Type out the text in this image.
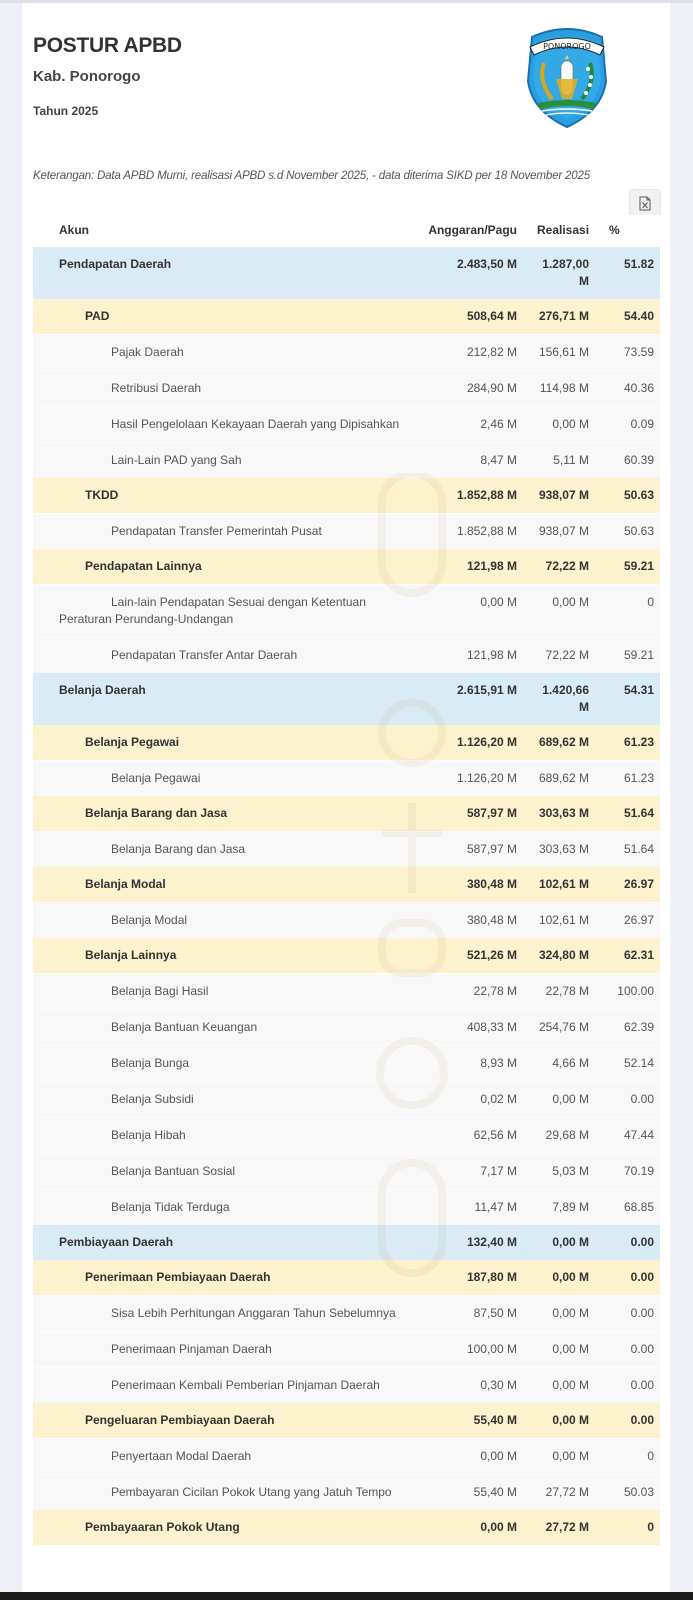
POSTUR APBD
Kab. Ponorogo
Tahun 2025
PONOROGO
Keterangan: Data APBD Murni, realisasi APBD s.d November 2025, - data diterima SIKD per 18 November 2025
Akun	Anggaran/Pagu	Realisasi	%
Pendapatan Daerah	2.483,50 M	1.287,00 M	51.82
PAD	508,64 M	276,71 M	54.40
Pajak Daerah	212,82 M	156,61 M	73.59
Retribusi Daerah	284,90 M	114,98 M	40.36
Hasil Pengelolaan Kekayaan Daerah yang Dipisahkan	2,46 M	0,00 M	0.09
Lain-Lain PAD yang Sah	8,47 M	5,11 M	60.39
TKDD	1.852,88 M	938,07 M	50.63
Pendapatan Transfer Pemerintah Pusat	1.852,88 M	938,07 M	50.63
Pendapatan Lainnya	121,98 M	72,22 M	59.21
Lain-lain Pendapatan Sesuai dengan Ketentuan Peraturan Perundang-Undangan	0,00 M	0,00 M	0
Pendapatan Transfer Antar Daerah	121,98 M	72,22 M	59.21
Belanja Daerah	2.615,91 M	1.420,66 M	54.31
Belanja Pegawai	1.126,20 M	689,62 M	61.23
Belanja Pegawai	1.126,20 M	689,62 M	61.23
Belanja Barang dan Jasa	587,97 M	303,63 M	51.64
Belanja Barang dan Jasa	587,97 M	303,63 M	51.64
Belanja Modal	380,48 M	102,61 M	26.97
Belanja Modal	380,48 M	102,61 M	26.97
Belanja Lainnya	521,26 M	324,80 M	62.31
Belanja Bagi Hasil	22,78 M	22,78 M	100.00
Belanja Bantuan Keuangan	408,33 M	254,76 M	62.39
Belanja Bunga	8,93 M	4,66 M	52.14
Belanja Subsidi	0,02 M	0,00 M	0.00
Belanja Hibah	62,56 M	29,68 M	47.44
Belanja Bantuan Sosial	7,17 M	5,03 M	70.19
Belanja Tidak Terduga	11,47 M	7,89 M	68.85
Pembiayaan Daerah	132,40 M	0,00 M	0.00
Penerimaan Pembiayaan Daerah	187,80 M	0,00 M	0.00
Sisa Lebih Perhitungan Anggaran Tahun Sebelumnya	87,50 M	0,00 M	0.00
Penerimaan Pinjaman Daerah	100,00 M	0,00 M	0.00
Penerimaan Kembali Pemberian Pinjaman Daerah	0,30 M	0,00 M	0.00
Pengeluaran Pembiayaan Daerah	55,40 M	0,00 M	0.00
Penyertaan Modal Daerah	0,00 M	0,00 M	0
Pembayaran Cicilan Pokok Utang yang Jatuh Tempo	55,40 M	27,72 M	50.03
Pembayaaran Pokok Utang	0,00 M	27,72 M	0
